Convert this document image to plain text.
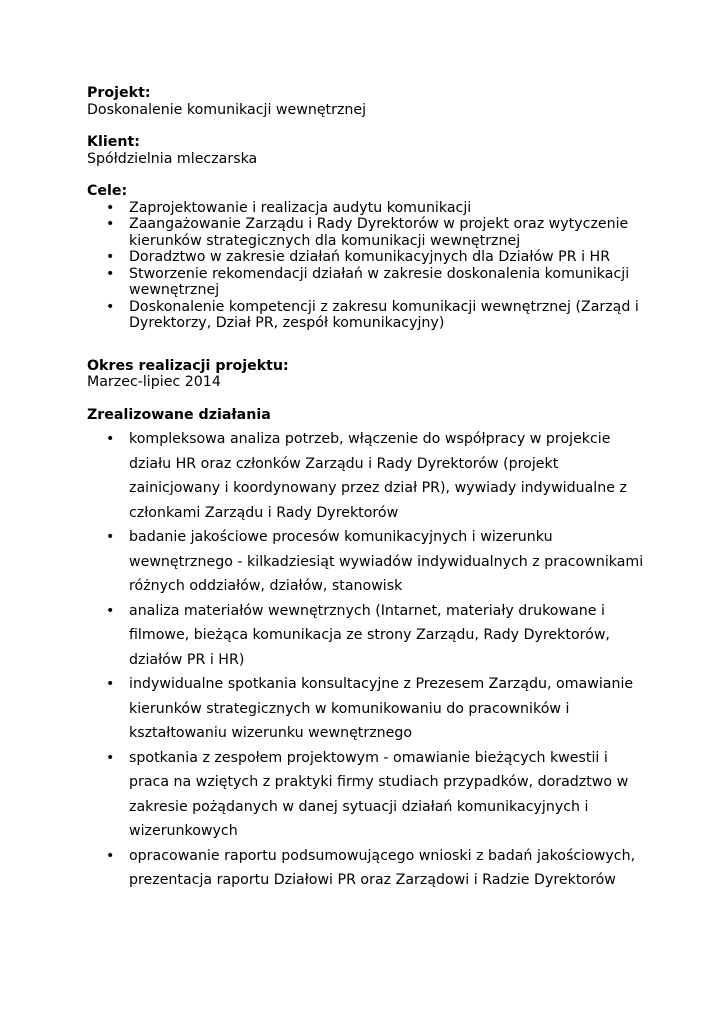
Projekt:

Doskonalenie komunikacji wewnętrznej

Klient:

Spółdzielnia mleczarska

Cele:

• Zaprojektowanie i realizacja audytu komunikacji
• Zaangażowanie Zarządu i Rady Dyrektorów w projekt oraz wytyczenie kierunków strategicznych dla komunikacji wewnętrznej
• Doradztwo w zakresie działań komunikacyjnych dla Działów PR i HR
• Stworzenie rekomendacji działań w zakresie doskonalenia komunikacji wewnętrznej
• Doskonalenie kompetencji z zakresu komunikacji wewnętrznej (Zarząd i Dyrektorzy, Dział PR, zespół komunikacyjny)

Okres realizacji projektu:

Marzec-lipiec 2014

Zrealizowane działania

• kompleksowa analiza potrzeb, włączenie do współpracy w projekcie działu HR oraz członków Zarządu i Rady Dyrektorów (projekt zainicjowany i koordynowany przez dział PR), wywiady indywidualne z członkami Zarządu i Rady Dyrektorów
• badanie jakościowe procesów komunikacyjnych i wizerunku wewnętrznego - kilkadziesiąt wywiadów indywidualnych z pracownikami różnych oddziałów, działów, stanowisk
• analiza materiałów wewnętrznych (Intarnet, materiały drukowane i filmowe, bieżąca komunikacja ze strony Zarządu, Rady Dyrektorów, działów PR i HR)
• indywidualne spotkania konsultacyjne z Prezesem Zarządu, omawianie kierunków strategicznych w komunikowaniu do pracowników i kształtowaniu wizerunku wewnętrznego
• spotkania z zespołem projektowym - omawianie bieżących kwestii i praca na wziętych z praktyki firmy studiach przypadków, doradztwo w zakresie pożądanych w danej sytuacji działań komunikacyjnych i wizerunkowych
• opracowanie raportu podsumowującego wnioski z badań jakościowych, prezentacja raportu Działowi PR oraz Zarządowi i Radzie Dyrektorów
